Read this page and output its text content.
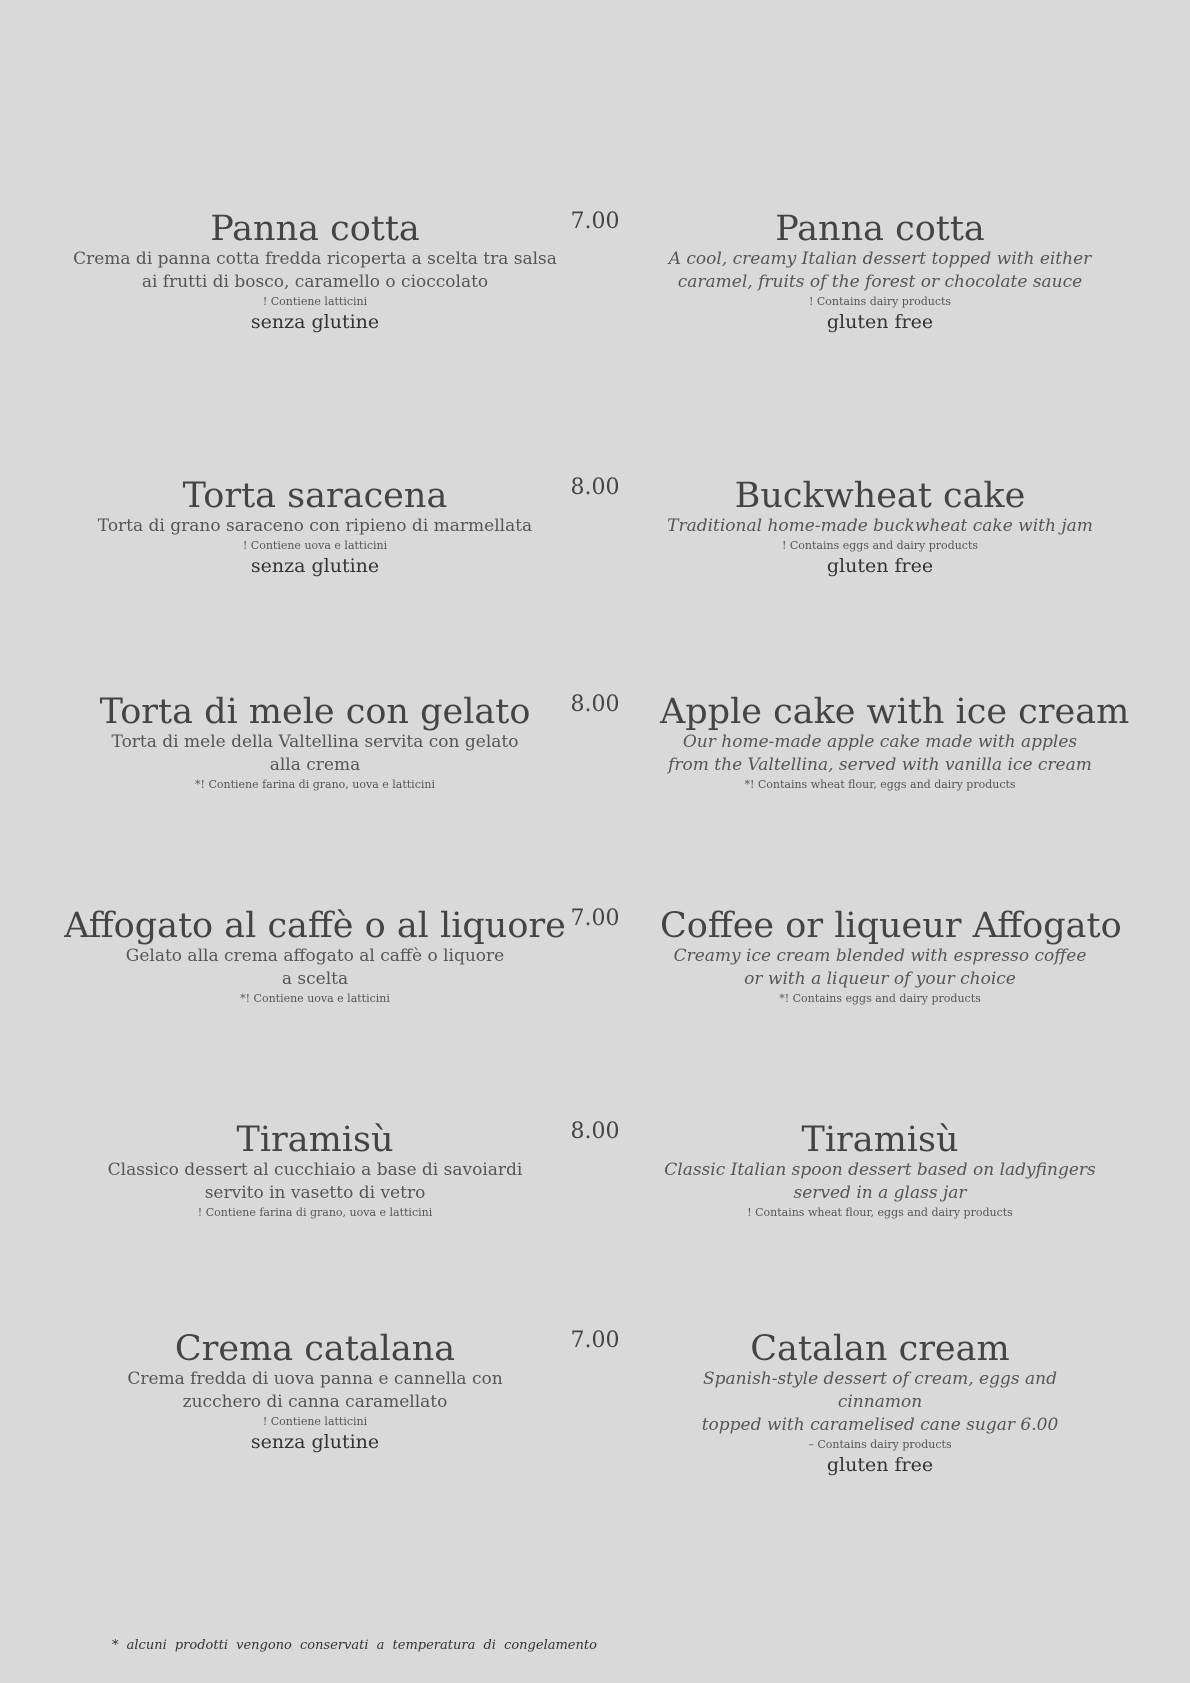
Panna cotta
Crema di panna cotta fredda ricoperta a scelta tra salsa
ai frutti di bosco, caramello o cioccolato
! Contiene latticini
senza glutine
7.00	Panna cotta
A cool, creamy Italian dessert topped with either
caramel, fruits of the forest or chocolate sauce
! Contains dairy products
gluten free
Torta saracena
Torta di grano saraceno con ripieno di marmellata
! Contiene uova e latticini
senza glutine
8.00	Buckwheat cake
Traditional home-made buckwheat cake with jam
! Contains eggs and dairy products
gluten free
Torta di mele con gelato
Torta di mele della Valtellina servita con gelato
alla crema
*! Contiene farina di grano, uova e latticini
8.00	Apple cake with ice cream
Our home-made apple cake made with apples
from the Valtellina, served with vanilla ice cream
*! Contains wheat flour, eggs and dairy products
Affogato al caffè o al liquore
Gelato alla crema affogato al caffè o liquore
a scelta
*! Contiene uova e latticini
7.00	Coffee or liqueur Affogato
Creamy ice cream blended with espresso coffee
or with a liqueur of your choice
*! Contains eggs and dairy products
Tiramisù
Classico dessert al cucchiaio a base di savoiardi
servito in vasetto di vetro
! Contiene farina di grano, uova e latticini
8.00	Tiramisù
Classic Italian spoon dessert based on ladyfingers
served in a glass jar
! Contains wheat flour, eggs and dairy products
Crema catalana
Crema fredda di uova panna e cannella con
zucchero di canna caramellato
! Contiene latticini
senza glutine
7.00	Catalan cream
Spanish-style dessert of cream, eggs and cinnamon
topped with caramelised cane sugar 6.00
– Contains dairy products
gluten free
* alcuni prodotti vengono conservati a temperatura di congelamento
